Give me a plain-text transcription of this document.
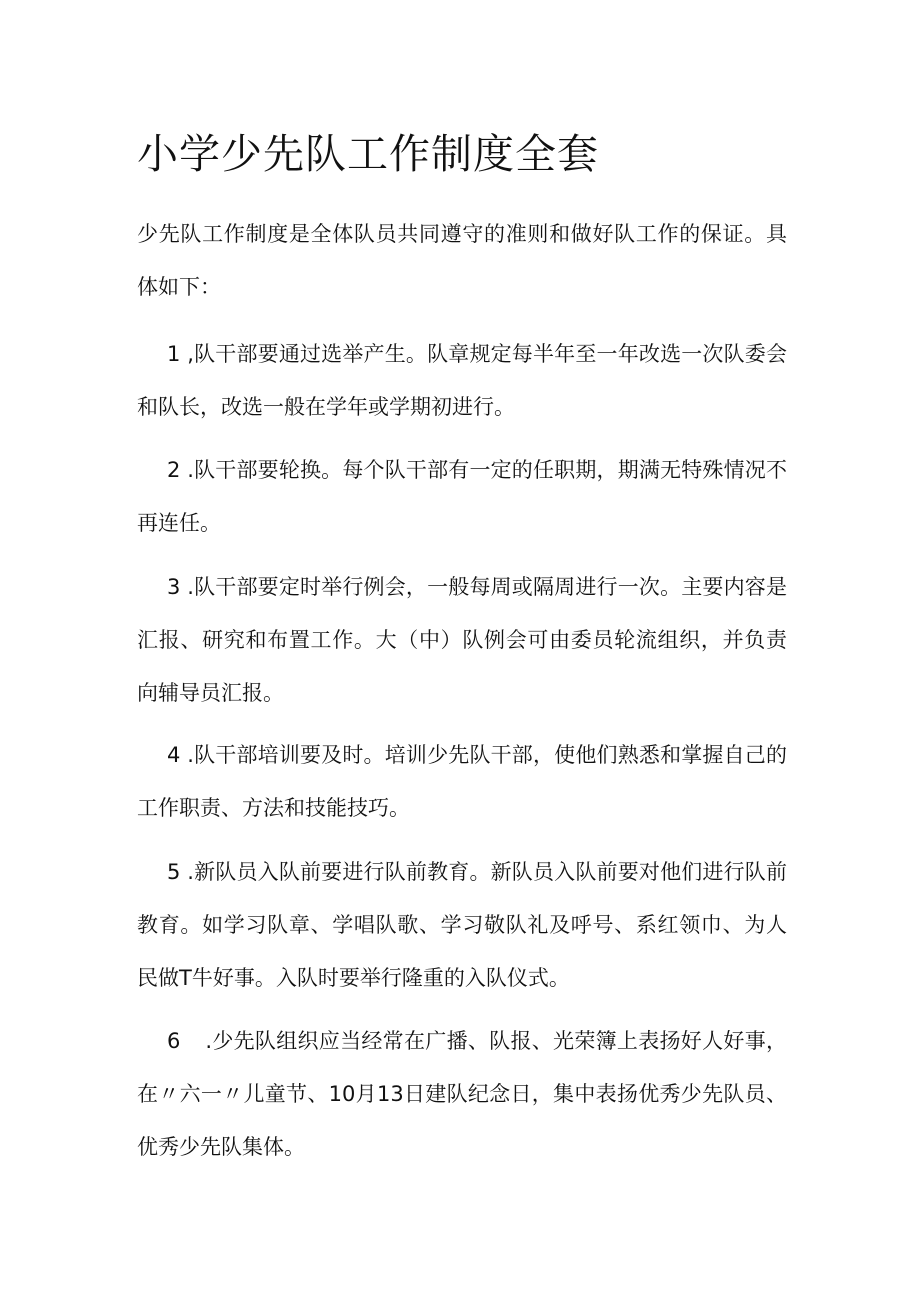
小学少先队工作制度全套

少先队工作制度是全体队员共同遵守的准则和做好队工作的保证。具体如下：

1 ,队干部要通过选举产生。队章规定每半年至一年改选一次队委会和队长，改选一般在学年或学期初进行。

2 .队干部要轮换。每个队干部有一定的任职期，期满无特殊情况不再连任。

3 .队干部要定时举行例会，一般每周或隔周进行一次。主要内容是汇报、研究和布置工作。大（中）队例会可由委员轮流组织，并负责向辅导员汇报。

4 .队干部培训要及时。培训少先队干部，使他们熟悉和掌握自己的工作职责、方法和技能技巧。

5 .新队员入队前要进行队前教育。新队员入队前要对他们进行队前教育。如学习队章、学唱队歌、学习敬队礼及呼号、系红领巾、为人民做T牛好事。入队时要举行隆重的入队仪式。

6 .少先队组织应当经常在广播、队报、光荣簿上表扬好人好事，在〃六一〃儿童节、10月13日建队纪念日，集中表扬优秀少先队员、优秀少先队集体。
